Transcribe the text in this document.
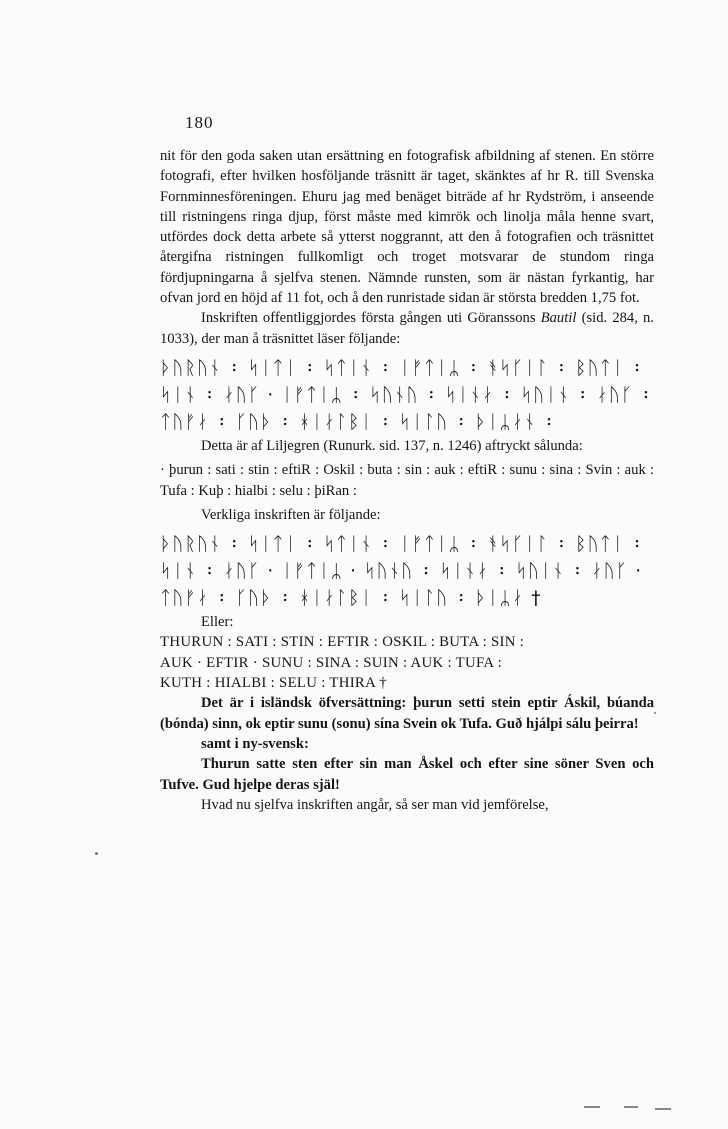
180

nit för den goda saken utan ersättning en fotografisk afbildning af stenen. En större fotografi, efter hvilken hosföljande träsnitt är taget, skänktes af hr R. till Svenska Fornminnesföreningen. Ehuru jag med benäget biträde af hr Rydström, i anseende till ristningens ringa djup, först måste med kimrök och linolja måla henne svart, utfördes dock detta arbete så ytterst noggrannt, att den å fotografien och träsnittet återgifna ristningen fullkomligt och troget motsvarar de stundom ringa fördjupningarna å sjelfva stenen. Nämnde runsten, som är nästan fyrkantig, har ofvan jord en höjd af 11 fot, och å den runristade sidan är största bredden 1,75 fot.

Inskriften offentliggjordes första gången uti Göranssons Bautil (sid. 284, n. 1033), der man å träsnittet läser följande:

ᚦᚢᚱᚢᚾ ᛬ ᛋᛁᛏᛁ ᛬ ᛋᛏᛁᚾ ᛬ ᛁᚠᛏᛁᛦ ᛬ ᚬᛋᚴᛁᛚ ᛬ ᛒᚢᛏᛁ ᛬

ᛋᛁᚾ ᛬ ᛅᚢᚴ · ᛁᚠᛏᛁᛦ ᛬ ᛋᚢᚾᚢ ᛬ ᛋᛁᚾᛅ ᛬ ᛋᚢᛁᚾ ᛬ ᛅᚢᚴ ᛬

ᛏᚢᚠᛅ ᛬ ᚴᚢᚦ ᛬ ᚼᛁᛅᛚᛒᛁ ᛬ ᛋᛁᛚᚢ ᛬ ᚦᛁᛦᛅᚾ ᛬

Detta är af Liljegren (Runurk. sid. 137, n. 1246) aftryckt sålunda:

· þurun : sati : stin : eftiR : Oskil : buta : sin : auk : eftiR : sunu : sina : Svin : auk : Tufa : Kuþ : hialbi : selu : þiRan :

Verkliga inskriften är följande:

ᚦᚢᚱᚢᚾ ᛬ ᛋᛁᛏᛁ ᛬ ᛋᛏᛁᚾ ᛬ ᛁᚠᛏᛁᛦ ᛬ ᚬᛋᚴᛁᛚ ᛬ ᛒᚢᛏᛁ ᛬

ᛋᛁᚾ ᛬ ᛅᚢᚴ · ᛁᚠᛏᛁᛦ · ᛋᚢᚾᚢ ᛬ ᛋᛁᚾᛅ ᛬ ᛋᚢᛁᚾ ᛬ ᛅᚢᚴ ·

ᛏᚢᚠᛅ ᛬ ᚴᚢᚦ ᛬ ᚼᛁᛅᛚᛒᛁ ᛬ ᛋᛁᛚᚢ ᛬ ᚦᛁᛦᛅ †

Eller:

THURUN : SATI : STIN : EFTIR : OSKIL : BUTA : SIN :

AUK · EFTIR · SUNU : SINA : SUIN : AUK : TUFA :

KUTH : HIALBI : SELU : THIRA †

Det är i isländsk öfversättning: þurun setti stein eptir Áskil, búanda (bónda) sinn, ok eptir sunu (sonu) sína Svein ok Tufa. Guð hjálpi sálu þeirra!

samt i ny-svensk:

Thurun satte sten efter sin man Åskel och efter sine söner Sven och Tufve. Gud hjelpe deras själ!

Hvad nu sjelfva inskriften angår, så ser man vid jemförelse,
